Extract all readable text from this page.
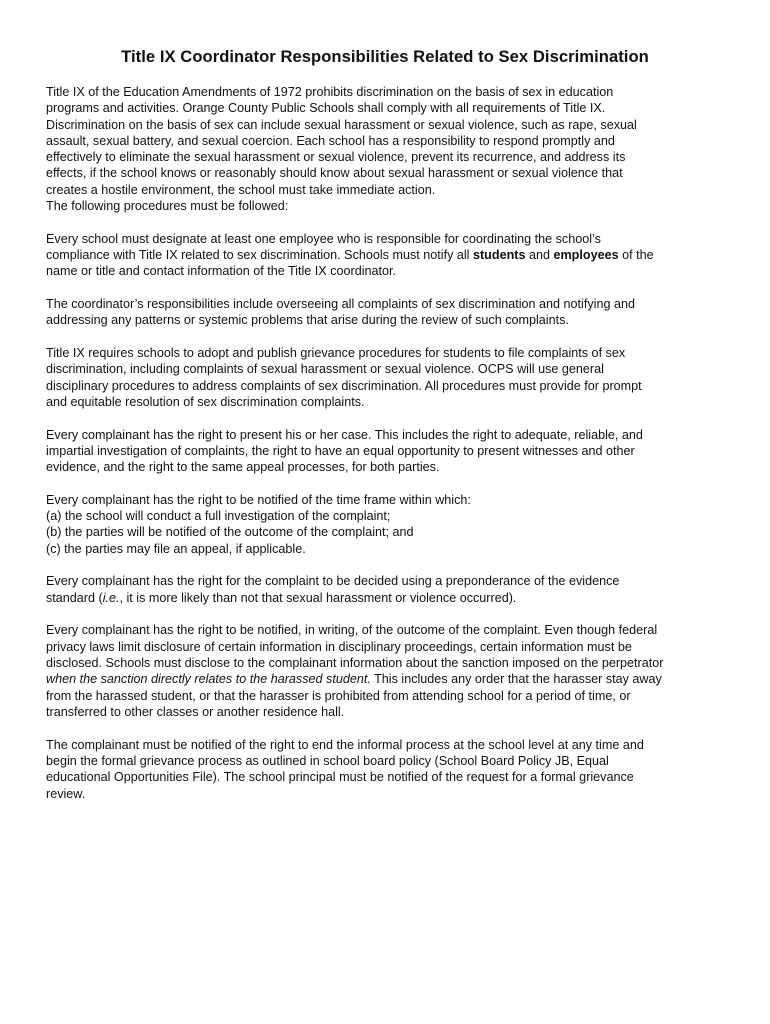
Title IX Coordinator Responsibilities Related to Sex Discrimination

Title IX of the Education Amendments of 1972 prohibits discrimination on the basis of sex in education
programs and activities. Orange County Public Schools shall comply with all requirements of Title IX.
Discrimination on the basis of sex can include sexual harassment or sexual violence, such as rape, sexual
assault, sexual battery, and sexual coercion. Each school has a responsibility to respond promptly and
effectively to eliminate the sexual harassment or sexual violence, prevent its recurrence, and address its
effects, if the school knows or reasonably should know about sexual harassment or sexual violence that
creates a hostile environment, the school must take immediate action.

The following procedures must be followed:

Every school must designate at least one employee who is responsible for coordinating the school’s
compliance with Title IX related to sex discrimination. Schools must notify all students and employees of the
name or title and contact information of the Title IX coordinator.

The coordinator’s responsibilities include overseeing all complaints of sex discrimination and notifying and
addressing any patterns or systemic problems that arise during the review of such complaints.

Title IX requires schools to adopt and publish grievance procedures for students to file complaints of sex
discrimination, including complaints of sexual harassment or sexual violence. OCPS will use general
disciplinary procedures to address complaints of sex discrimination. All procedures must provide for prompt
and equitable resolution of sex discrimination complaints.

Every complainant has the right to present his or her case. This includes the right to adequate, reliable, and
impartial investigation of complaints, the right to have an equal opportunity to present witnesses and other
evidence, and the right to the same appeal processes, for both parties.

Every complainant has the right to be notified of the time frame within which:
(a) the school will conduct a full investigation of the complaint;
(b) the parties will be notified of the outcome of the complaint; and
(c) the parties may file an appeal, if applicable.

Every complainant has the right for the complaint to be decided using a preponderance of the evidence
standard (i.e., it is more likely than not that sexual harassment or violence occurred).

Every complainant has the right to be notified, in writing, of the outcome of the complaint. Even though federal
privacy laws limit disclosure of certain information in disciplinary proceedings, certain information must be
disclosed. Schools must disclose to the complainant information about the sanction imposed on the perpetrator
when the sanction directly relates to the harassed student. This includes any order that the harasser stay away
from the harassed student, or that the harasser is prohibited from attending school for a period of time, or
transferred to other classes or another residence hall.

The complainant must be notified of the right to end the informal process at the school level at any time and
begin the formal grievance process as outlined in school board policy (School Board Policy JB, Equal
educational Opportunities File). The school principal must be notified of the request for a formal grievance
review.
